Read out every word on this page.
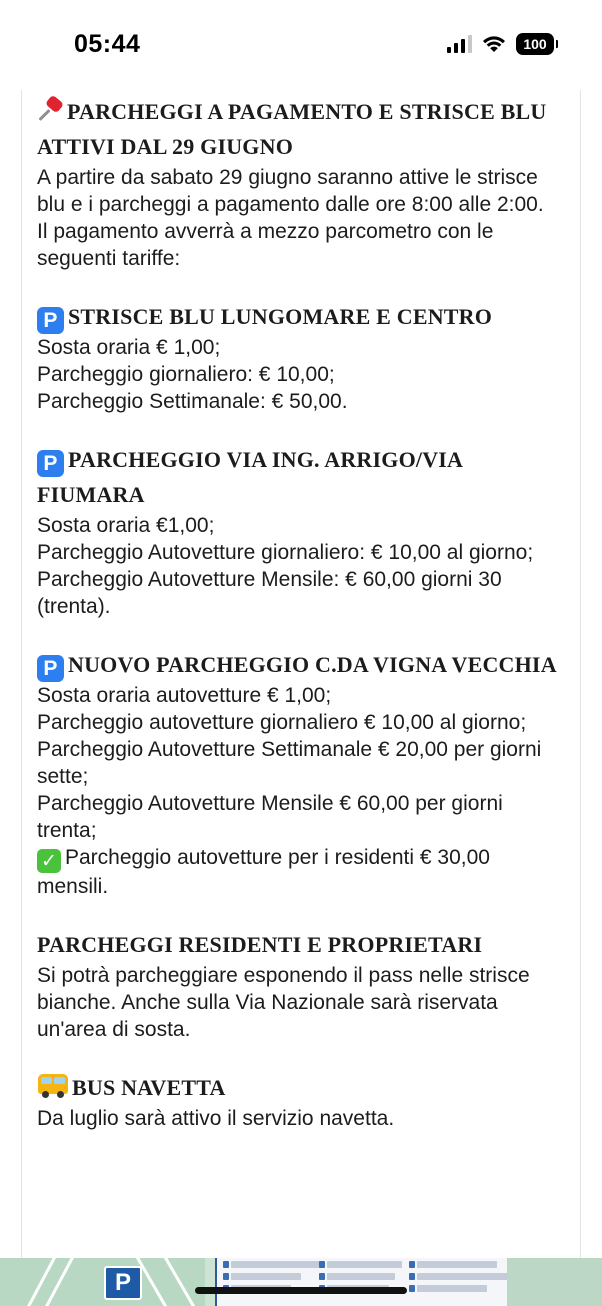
05:44	100
PARCHEGGI A PAGAMENTO E STRISCE BLU ATTIVI DAL 29 GIUGNO
A partire da sabato 29 giugno saranno attive le strisce blu e i parcheggi a pagamento dalle ore 8:00 alle 2:00.
Il pagamento avverrà a mezzo parcometro con le seguenti tariffe:
P STRISCE BLU LUNGOMARE E CENTRO
Sosta oraria € 1,00;
Parcheggio giornaliero: € 10,00;
Parcheggio Settimanale: € 50,00.
P PARCHEGGIO VIA ING. ARRIGO/VIA FIUMARA
Sosta oraria €1,00;
Parcheggio Autovetture giornaliero: € 10,00 al giorno;
Parcheggio Autovetture Mensile: € 60,00 giorni 30 (trenta).
P NUOVO PARCHEGGIO C.DA VIGNA VECCHIA
Sosta oraria autovetture € 1,00;
Parcheggio autovetture giornaliero € 10,00 al giorno;
Parcheggio Autovetture Settimanale € 20,00 per giorni sette;
Parcheggio Autovetture Mensile € 60,00 per giorni trenta;
✓ Parcheggio autovetture per i residenti € 30,00 mensili.
PARCHEGGI RESIDENTI E PROPRIETARI
Si potrà parcheggiare esponendo il pass nelle strisce bianche. Anche sulla Via Nazionale sarà riservata un'area di sosta.
BUS NAVETTA
Da luglio sarà attivo il servizio navetta.
P
